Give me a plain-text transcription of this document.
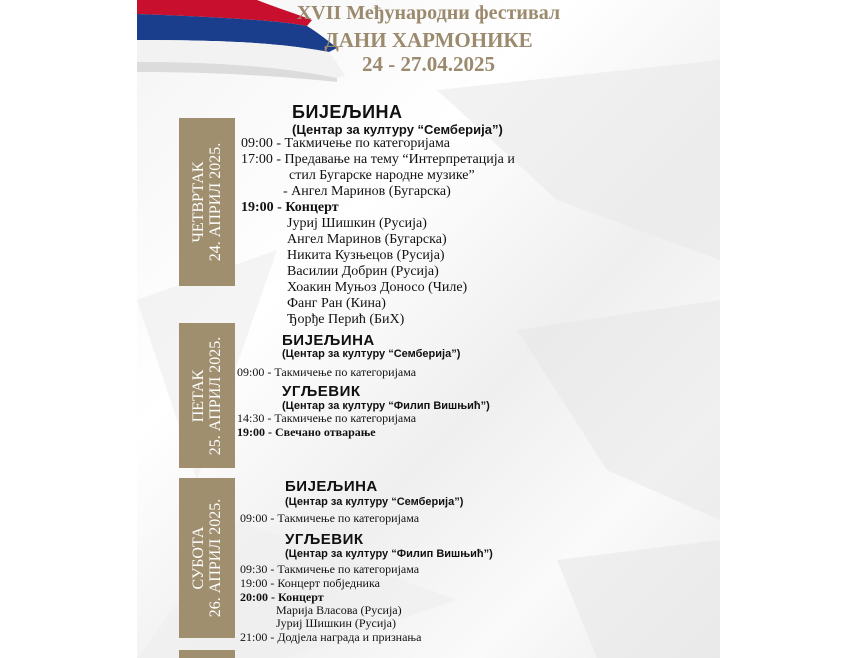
XVII Међународни фестивал
ДАНИ ХАРМОНИКЕ
24 - 27.04.2025
ЧЕТВРТАК 24. АПРИЛ 2025.
БИЈЕЉИНА
(Центар за културу “Семберија”)
09:00 - Такмичење по категоријама
17:00 - Предавање на тему “Интерпретација и
стил Бугарске народне музике”
- Ангел Маринов (Бугарска)
19:00 - Концерт
Јуриј Шишкин (Русија)
Ангел Маринов (Бугарска)
Никита Кузњецов (Русија)
Василии Добрин (Русија)
Хоакин Муњоз Доносо (Чиле)
Фанг Ран (Кина)
Ђорђе Перић (БиХ)
ПЕТАК 25. АПРИЛ 2025.	БИЈЕЉИНА
(Центар за културу “Семберија”)
09:00 - Такмичење по категоријама
УГЉЕВИК
(Центар за културу “Филип Вишњић”)
14:30 - Такмичење по категоријама
19:00 - Свечано отварање
СУБОТА 26. АПРИЛ 2025.
БИЈЕЉИНА
(Центар за културу “Семберија”)
09:00 - Такмичење по категоријама
УГЉЕВИК
(Центар за културу “Филип Вишњић”)
09:30 - Такмичење по категоријама
19:00 - Концерт побједника
20:00 - Концерт
Марија Власова (Русија)
Јуриј Шишкин (Русија)
21:00 - Додјела награда и признања
